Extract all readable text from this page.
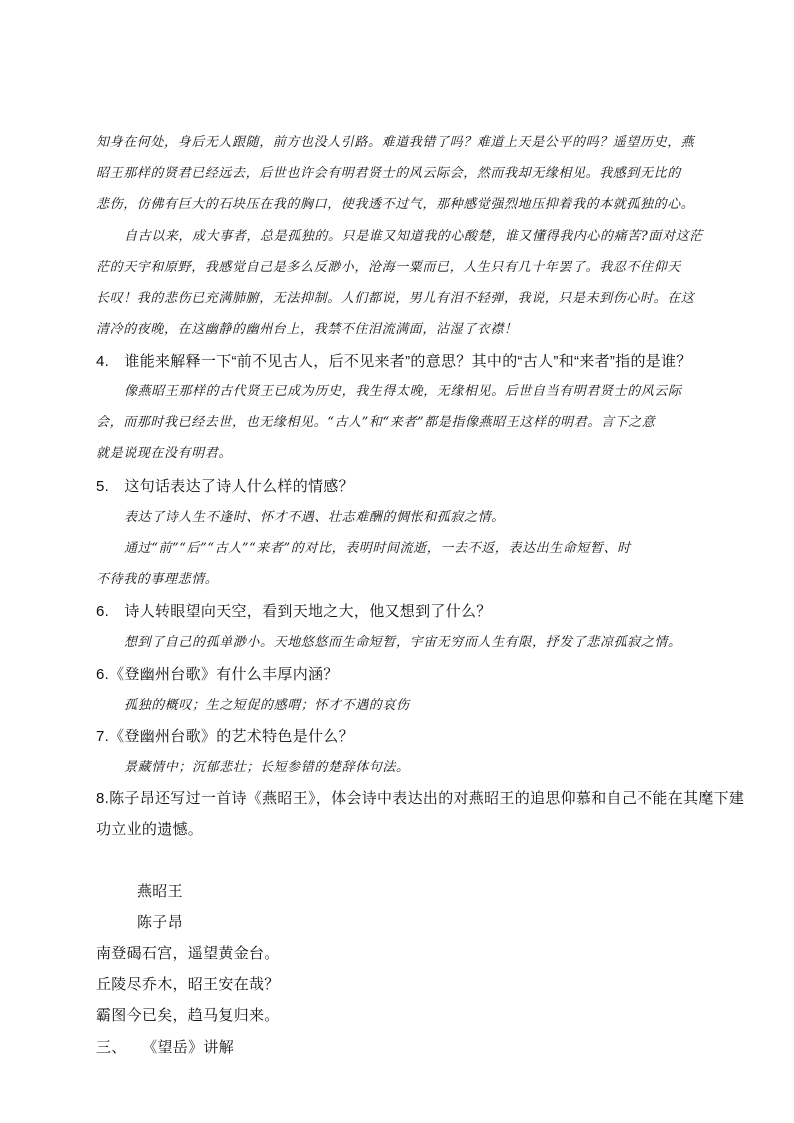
知身在何处，身后无人跟随，前方也没人引路。难道我错了吗？难道上天是公平的吗？遥望历史，燕
昭王那样的贤君已经远去，后世也许会有明君贤士的风云际会，然而我却无缘相见。我感到无比的
悲伤，仿佛有巨大的石块压在我的胸口，使我透不过气，那种感觉强烈地压抑着我的本就孤独的心。
自古以来，成大事者，总是孤独的。只是谁又知道我的心酸楚，谁又懂得我内心的痛苦?面对这茫
茫的天宇和原野，我感觉自己是多么反渺小，沧海一粟而已，人生只有几十年罢了。我忍不住仰天
长叹！我的悲伤已充满肺腑，无法抑制。人们都说，男儿有泪不轻弹，我说，只是未到伤心时。在这
清冷的夜晚，在这幽静的幽州台上，我禁不住泪流满面，沾湿了衣襟！
4.　谁能来解释一下“前不见古人，后不见来者”的意思？其中的“古人”和“来者”指的是谁？
像燕昭王那样的古代贤王已成为历史，我生得太晚，无缘相见。后世自当有明君贤士的风云际
会，而那时我已经去世，也无缘相见。“古人”和“来者”都是指像燕昭王这样的明君。言下之意
就是说现在没有明君。
5.　这句话表达了诗人什么样的情感？
表达了诗人生不逢时、怀才不遇、壮志难酬的惆怅和孤寂之情。
通过“前”“后”“古人”“来者”的对比，表明时间流逝，一去不返，表达出生命短暂、时
不待我的事理悲情。
6.　诗人转眼望向天空，看到天地之大，他又想到了什么？
想到了自己的孤单渺小。天地悠悠而生命短暂，宇宙无穷而人生有限，抒发了悲凉孤寂之情。
6.《登幽州台歌》有什么丰厚内涵？
孤独的概叹；生之短促的感喟；怀才不遇的哀伤
7.《登幽州台歌》的艺术特色是什么？
景藏情中；沉郁悲壮；长短参错的楚辞体句法。
8.陈子昂还写过一首诗《燕昭王》，体会诗中表达出的对燕昭王的追思仰慕和自己不能在其麾下建
功立业的遗憾。
燕昭王
陈子昂
南登碣石宫，遥望黄金台。
丘陵尽乔木，昭王安在哉？
霸图今已矣，趋马复归来。
三、　　《望岳》讲解
